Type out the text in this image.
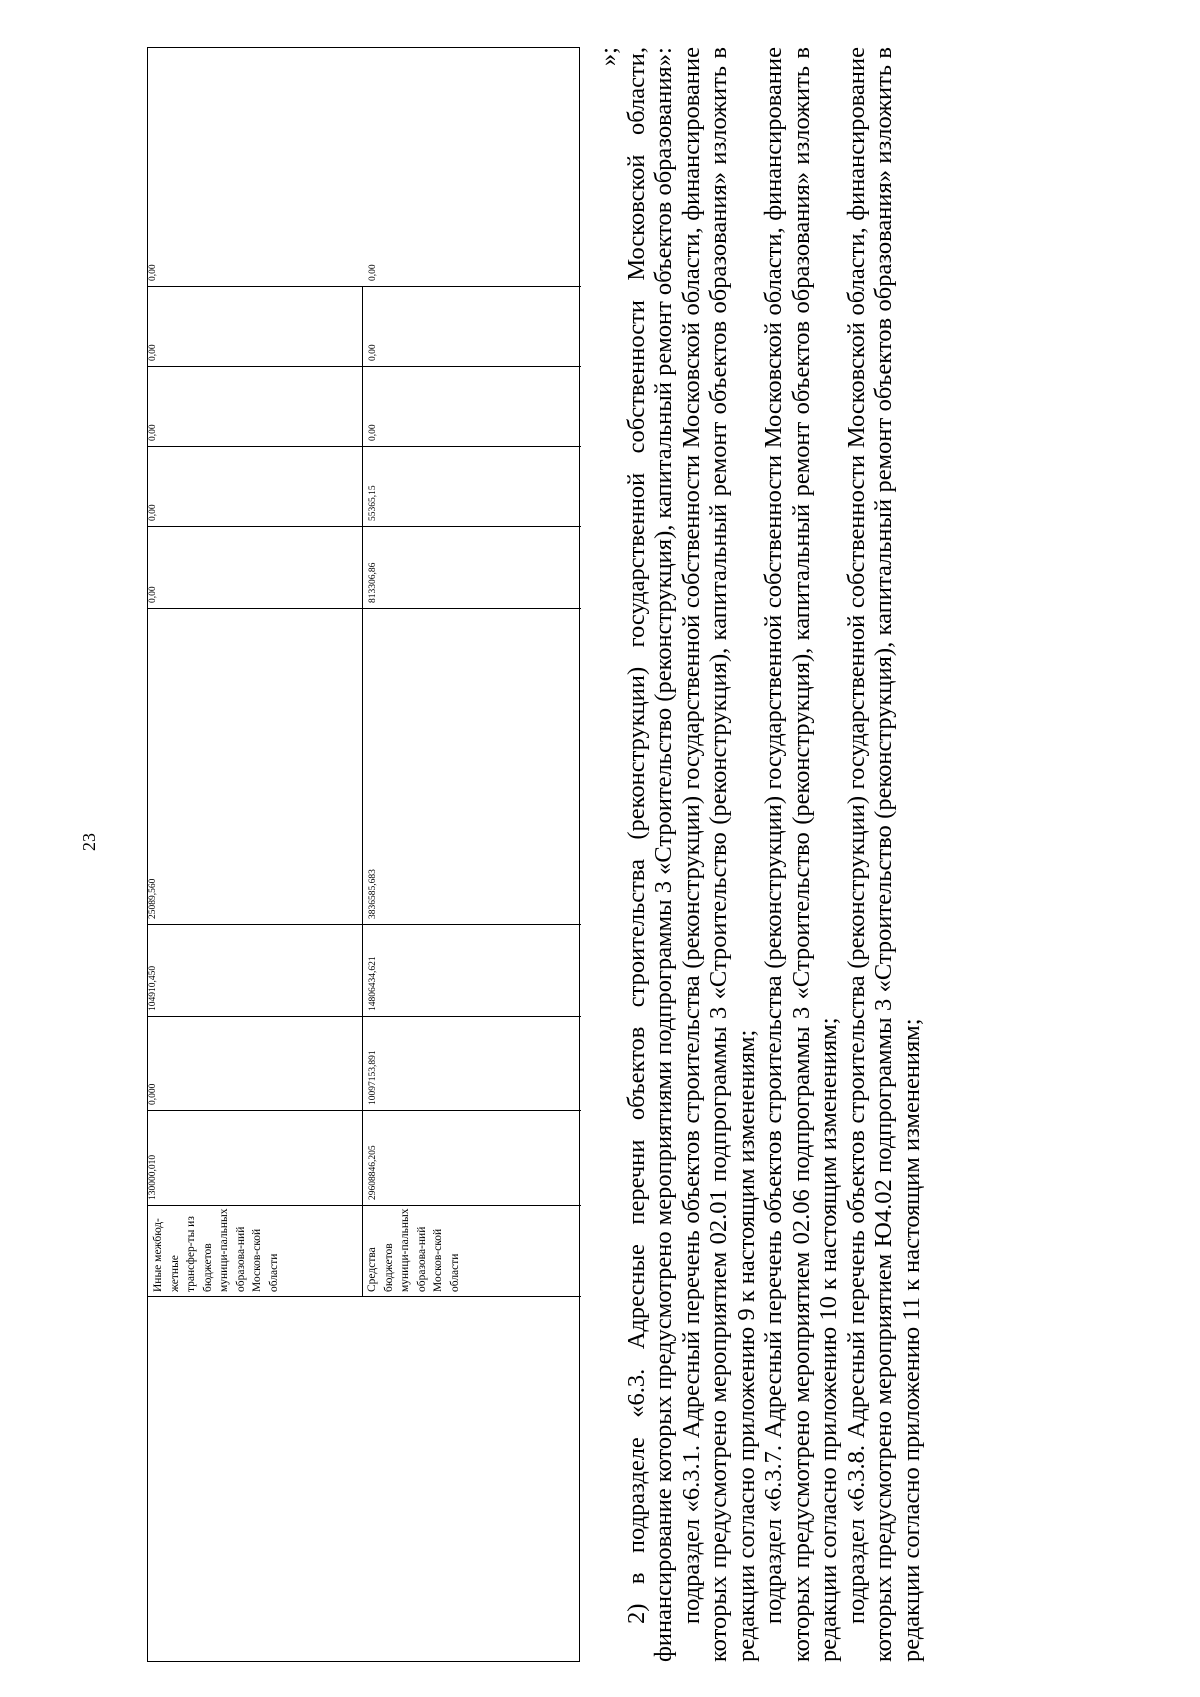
23
Иные межбюд-жетные трансфер-ты из бюджетов муници-пальных образова-ний Москов-ской области
130000,010
0,000
104910,450
25089,560
0,00
0,00
0,00
0,00
0,00
Средства бюджетов муници-пальных образова-ний Москов-ской области
29608846,205
10097153,891
14806434,621
3836585,683
813306,86
55365,15
0,00
0,00
0,00

»; 2) в подразделе «6.3. Адресные перечни объектов строительства (реконструкции) государственной собственности Московской области, финансирование которых предусмотрено мероприятиями подпрограммы 3 «Строительство (реконструкция), капитальный ремонт объектов образования»: подраздел «6.3.1. Адресный перечень объектов строительства (реконструкции) государственной собственности Московской области, финансирование которых предусмотрено мероприятием 02.01 подпрограммы 3 «Строительство (реконструкция), капитальный ремонт объектов образования» изложить в редакции согласно приложению 9 к настоящим изменениям; подраздел «6.3.7. Адресный перечень объектов строительства (реконструкции) государственной собственности Московской области, финансирование которых предусмотрено мероприятием 02.06 подпрограммы 3 «Строительство (реконструкция), капитальный ремонт объектов образования» изложить в редакции согласно приложению 10 к настоящим изменениям; подраздел «6.3.8. Адресный перечень объектов строительства (реконструкции) государственной собственности Московской области, финансирование которых предусмотрено мероприятием Ю4.02 подпрограммы 3 «Строительство (реконструкция), капитальный ремонт объектов образования» изложить в редакции согласно приложению 11 к настоящим изменениям;
